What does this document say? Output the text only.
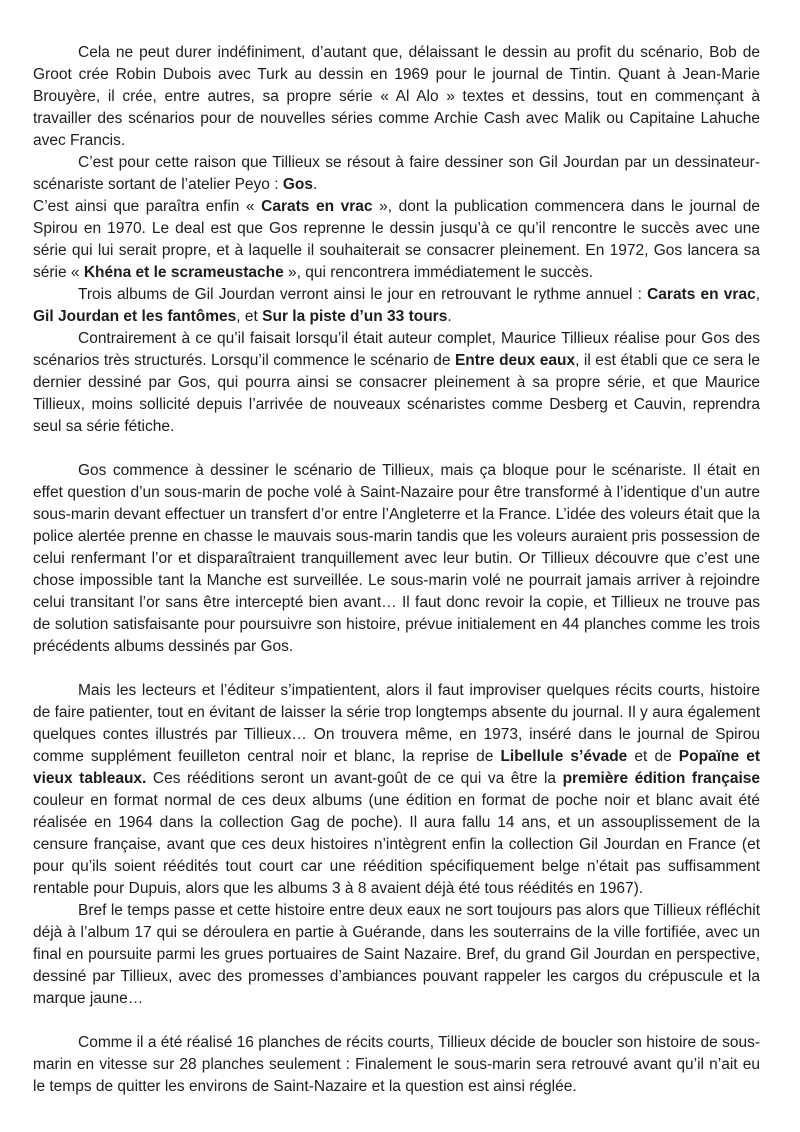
Cela ne peut durer indéfiniment, d’autant que, délaissant le dessin au profit du scénario, Bob de Groot crée Robin Dubois avec Turk au dessin en 1969 pour le journal de Tintin. Quant à Jean-Marie Brouyère, il crée, entre autres, sa propre série « Al Alo » textes et dessins, tout en commençant à travailler des scénarios pour de nouvelles séries comme Archie Cash avec Malik ou Capitaine Lahuche avec Francis.

C’est pour cette raison que Tillieux se résout à faire dessiner son Gil Jourdan par un dessinateur-scénariste sortant de l’atelier Peyo : Gos.

C’est ainsi que paraîtra enfin « Carats en vrac », dont la publication commencera dans le journal de Spirou en 1970. Le deal est que Gos reprenne le dessin jusqu’à ce qu’il rencontre le succès avec une série qui lui serait propre, et à laquelle il souhaiterait se consacrer pleinement. En 1972, Gos lancera sa série « Khéna et le scrameustache », qui rencontrera immédiatement le succès.

Trois albums de Gil Jourdan verront ainsi le jour en retrouvant le rythme annuel : Carats en vrac, Gil Jourdan et les fantômes, et Sur la piste d’un 33 tours.

Contrairement à ce qu’il faisait lorsqu’il était auteur complet, Maurice Tillieux réalise pour Gos des scénarios très structurés. Lorsqu’il commence le scénario de Entre deux eaux, il est établi que ce sera le dernier dessiné par Gos, qui pourra ainsi se consacrer pleinement à sa propre série, et que Maurice Tillieux, moins sollicité depuis l’arrivée de nouveaux scénaristes comme Desberg et Cauvin, reprendra seul sa série fétiche.

Gos commence à dessiner le scénario de Tillieux, mais ça bloque pour le scénariste. Il était en effet question d’un sous-marin de poche volé à Saint-Nazaire pour être transformé à l’identique d’un autre sous-marin devant effectuer un transfert d’or entre l’Angleterre et la France. L’idée des voleurs était que la police alertée prenne en chasse le mauvais sous-marin tandis que les voleurs auraient pris possession de celui renfermant l’or et disparaîtraient tranquillement avec leur butin. Or Tillieux découvre que c’est une chose impossible tant la Manche est surveillée. Le sous-marin volé ne pourrait jamais arriver à rejoindre celui transitant l’or sans être intercepté bien avant… Il faut donc revoir la copie, et Tillieux ne trouve pas de solution satisfaisante pour poursuivre son histoire, prévue initialement en 44 planches comme les trois précédents albums dessinés par Gos.

Mais les lecteurs et l’éditeur s’impatientent, alors il faut improviser quelques récits courts, histoire de faire patienter, tout en évitant de laisser la série trop longtemps absente du journal. Il y aura également quelques contes illustrés par Tillieux… On trouvera même, en 1973, inséré dans le journal de Spirou comme supplément feuilleton central noir et blanc, la reprise de Libellule s’évade et de Popaïne et vieux tableaux. Ces rééditions seront un avant-goût de ce qui va être la première édition française couleur en format normal de ces deux albums (une édition en format de poche noir et blanc avait été réalisée en 1964 dans la collection Gag de poche). Il aura fallu 14 ans, et un assouplissement de la censure française, avant que ces deux histoires n’intègrent enfin la collection Gil Jourdan en France (et pour qu’ils soient réédités tout court car une réédition spécifiquement belge n’était pas suffisamment rentable pour Dupuis, alors que les albums 3 à 8 avaient déjà été tous réédités en 1967).

Bref le temps passe et cette histoire entre deux eaux ne sort toujours pas alors que Tillieux réfléchit déjà à l’album 17 qui se déroulera en partie à Guérande, dans les souterrains de la ville fortifiée, avec un final en poursuite parmi les grues portuaires de Saint Nazaire. Bref, du grand Gil Jourdan en perspective, dessiné par Tillieux, avec des promesses d’ambiances pouvant rappeler les cargos du crépuscule et la marque jaune…

Comme il a été réalisé 16 planches de récits courts, Tillieux décide de boucler son histoire de sous-marin en vitesse sur 28 planches seulement : Finalement le sous-marin sera retrouvé avant qu’il n’ait eu le temps de quitter les environs de Saint-Nazaire et la question est ainsi réglée.
